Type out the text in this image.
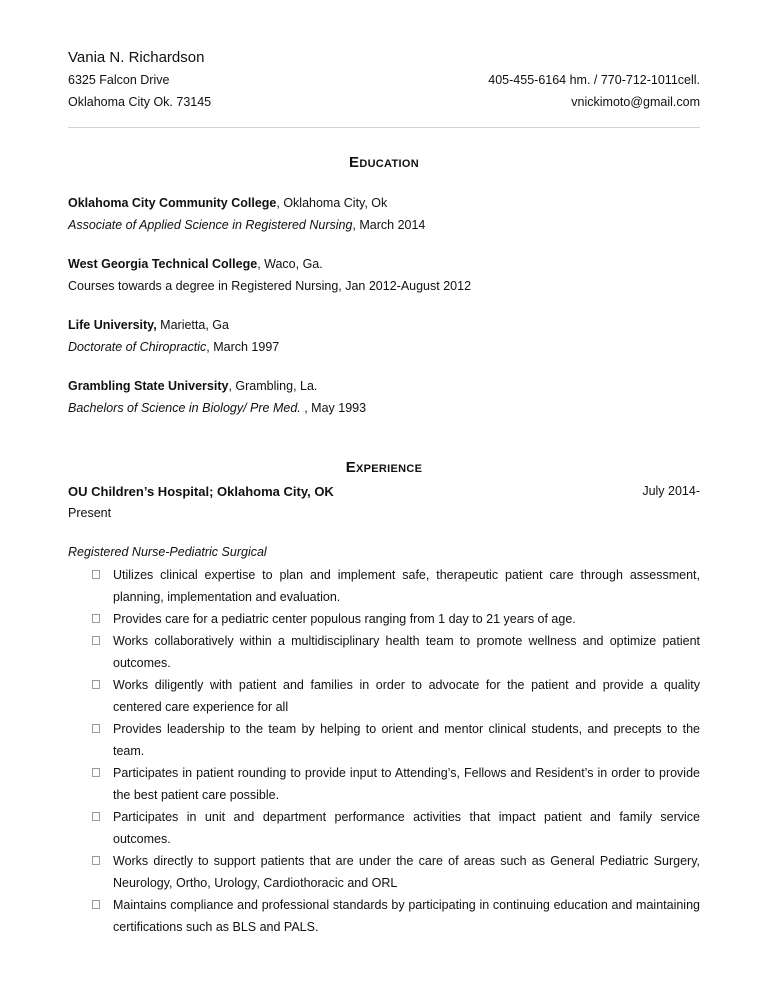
Vania N. Richardson
6325 Falcon Drive	405-455-6164 hm. / 770-712-1011cell.
Oklahoma City Ok. 73145	vnickimoto@gmail.com
Education
Oklahoma City Community College, Oklahoma City, Ok
Associate of Applied Science in Registered Nursing, March 2014
West Georgia Technical College, Waco, Ga.
Courses towards a degree in Registered Nursing, Jan 2012-August 2012
Life University, Marietta, Ga
Doctorate of Chiropractic, March 1997
Grambling State University, Grambling, La.
Bachelors of Science in Biology/ Pre Med. , May 1993
Experience
OU Children’s Hospital; Oklahoma City, OK	July 2014-
Present
Registered Nurse-Pediatric Surgical
Utilizes clinical expertise to plan and implement safe, therapeutic patient care through assessment, planning, implementation and evaluation.
Provides care for a pediatric center populous ranging from 1 day to 21 years of age.
Works collaboratively within a multidisciplinary health team to promote wellness and optimize patient outcomes.
Works diligently with patient and families in order to advocate for the patient and provide a quality centered care experience for all
Provides leadership to the team by helping to orient and mentor clinical students, and precepts to the team.
Participates in patient rounding to provide input to Attending’s, Fellows and Resident’s in order to provide the best patient care possible.
Participates in unit and department performance activities that impact patient and family service outcomes.
Works directly to support patients that are under the care of areas such as General Pediatric Surgery, Neurology, Ortho, Urology, Cardiothoracic and ORL
Maintains compliance and professional standards by participating in continuing education and maintaining certifications such as BLS and PALS.
